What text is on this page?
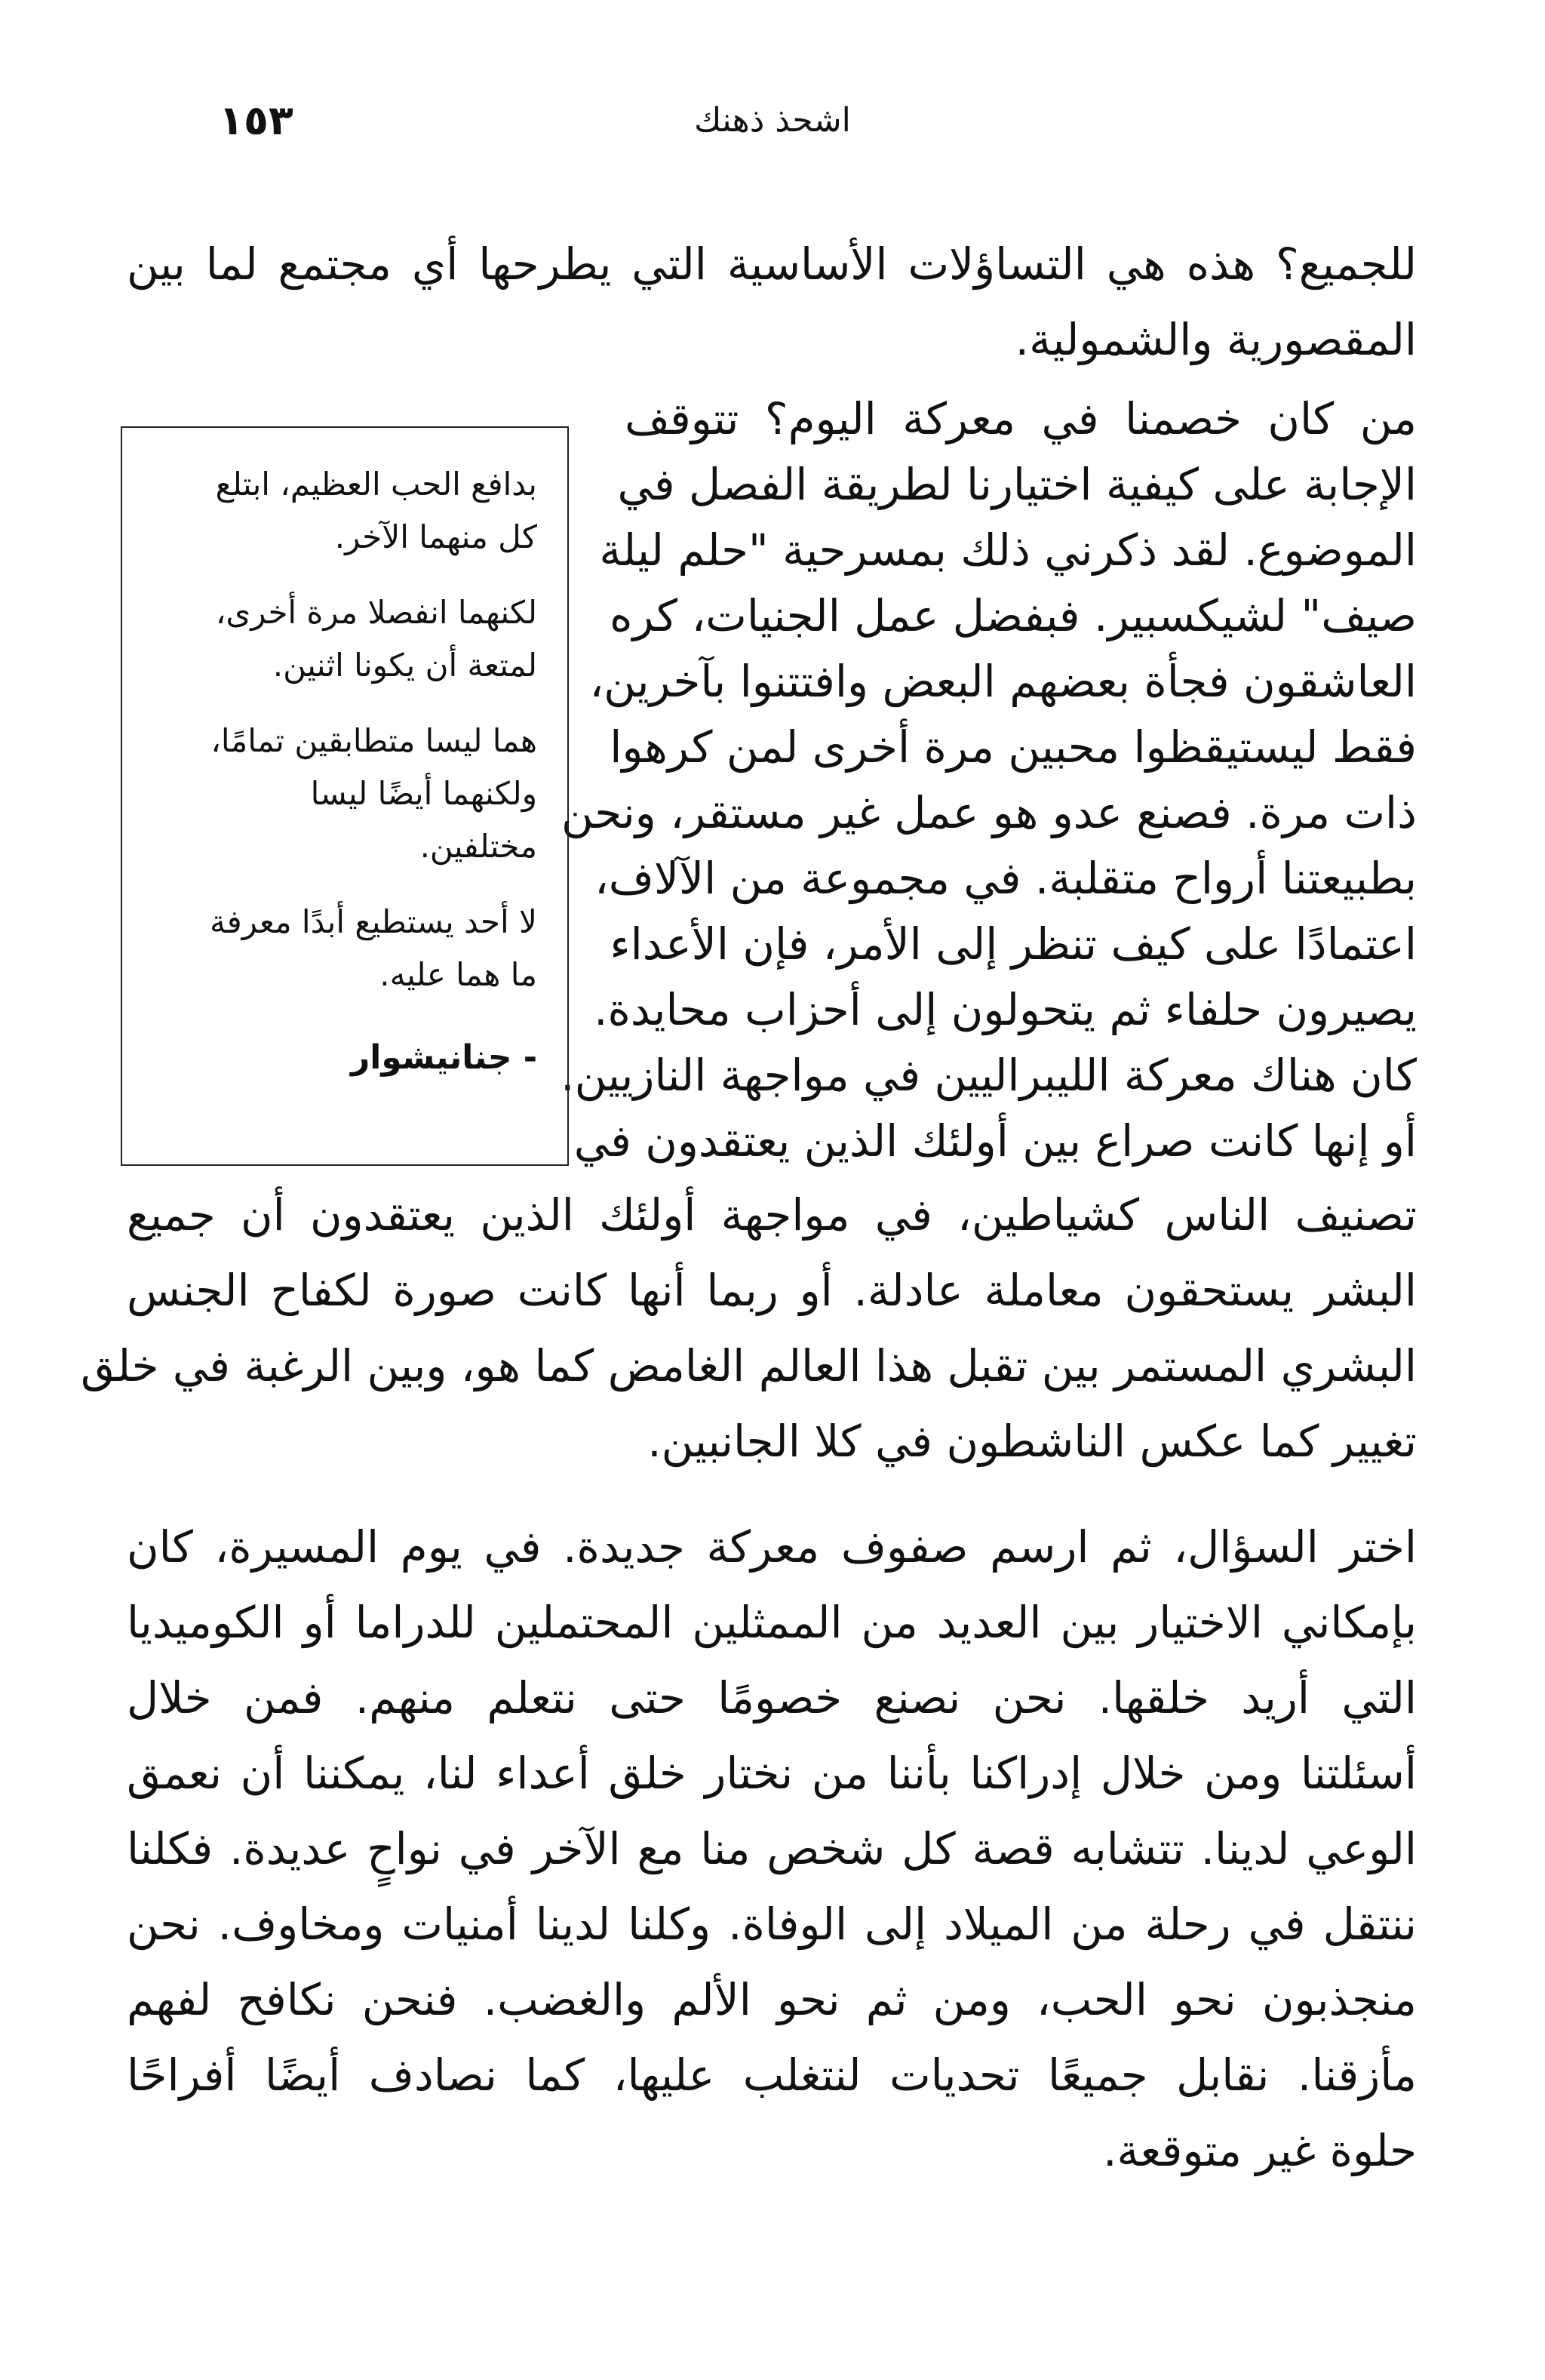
١٥٣	اشحذ ذهنك
للجميع؟ هذه هي التساؤلات الأساسية التي يطرحها أي مجتمع لما بين
المقصورية والشمولية.
من كان خصمنا في معركة اليوم؟ تتوقف
الإجابة على كيفية اختيارنا لطريقة الفصل في
الموضوع. لقد ذكرني ذلك بمسرحية "حلم ليلة
صيف" لشيكسبير. فبفضل عمل الجنيات، كره
العاشقون فجأة بعضهم البعض وافتتنوا بآخرين،
فقط ليستيقظوا محبين مرة أخرى لمن كرهوا
ذات مرة. فصنع عدو هو عمل غير مستقر، ونحن
بطبيعتنا أرواح متقلبة. في مجموعة من الآلاف،
اعتمادًا على كيف تنظر إلى الأمر، فإن الأعداء
يصيرون حلفاء ثم يتحولون إلى أحزاب محايدة.
كان هناك معركة الليبراليين في مواجهة النازيين.
أو إنها كانت صراع بين أولئك الذين يعتقدون في
تصنيف الناس كشياطين، في مواجهة أولئك الذين يعتقدون أن جميع
البشر يستحقون معاملة عادلة. أو ربما أنها كانت صورة لكفاح الجنس
البشري المستمر بين تقبل هذا العالم الغامض كما هو، وبين الرغبة في خلق
تغيير كما عكس الناشطون في كلا الجانبين.
اختر السؤال، ثم ارسم صفوف معركة جديدة. في يوم المسيرة، كان
بإمكاني الاختيار بين العديد من الممثلين المحتملين للدراما أو الكوميديا
التي أريد خلقها. نحن نصنع خصومًا حتى نتعلم منهم. فمن خلال
أسئلتنا ومن خلال إدراكنا بأننا من نختار خلق أعداء لنا، يمكننا أن نعمق
الوعي لدينا. تتشابه قصة كل شخص منا مع الآخر في نواحٍ عديدة. فكلنا
ننتقل في رحلة من الميلاد إلى الوفاة. وكلنا لدينا أمنيات ومخاوف. نحن
منجذبون نحو الحب، ومن ثم نحو الألم والغضب. فنحن نكافح لفهم
مأزقنا. نقابل جميعًا تحديات لنتغلب عليها، كما نصادف أيضًا أفراحًا
حلوة غير متوقعة.
بدافع الحب العظيم، ابتلع
كل منهما الآخر.
لكنهما انفصلا مرة أخرى،
لمتعة أن يكونا اثنين.
هما ليسا متطابقين تمامًا،
ولكنهما أيضًا ليسا
مختلفين.
لا أحد يستطيع أبدًا معرفة
ما هما عليه.
- جنانيشوار
